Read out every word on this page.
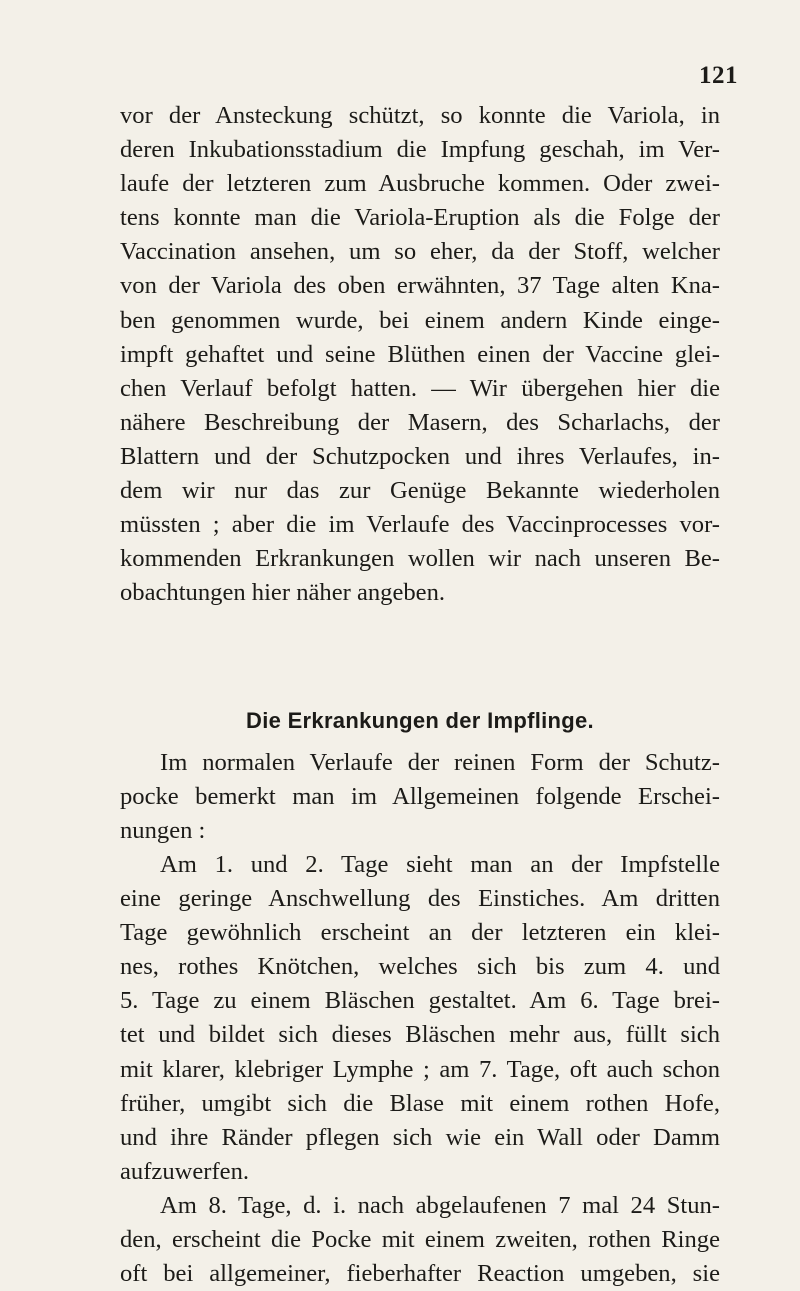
121
vor der Ansteckung schützt, so konnte die Variola, in
deren Inkubationsstadium die Impfung geschah, im Ver-
laufe der letzteren zum Ausbruche kommen. Oder zwei-
tens konnte man die Variola-Eruption als die Folge der
Vaccination ansehen, um so eher, da der Stoff, welcher
von der Variola des oben erwähnten, 37 Tage alten Kna-
ben genommen wurde, bei einem andern Kinde einge-
impft gehaftet und seine Blüthen einen der Vaccine glei-
chen Verlauf befolgt hatten. — Wir übergehen hier die
nähere Beschreibung der Masern, des Scharlachs, der
Blattern und der Schutzpocken und ihres Verlaufes, in-
dem wir nur das zur Genüge Bekannte wiederholen
müssten ; aber die im Verlaufe des Vaccinprocesses vor-
kommenden Erkrankungen wollen wir nach unseren Be-
obachtungen hier näher angeben.
Die Erkrankungen der Impflinge.
Im normalen Verlaufe der reinen Form der Schutz-
pocke bemerkt man im Allgemeinen folgende Erschei-
nungen :
Am 1. und 2. Tage sieht man an der Impfstelle
eine geringe Anschwellung des Einstiches. Am dritten
Tage gewöhnlich erscheint an der letzteren ein klei-
nes, rothes Knötchen, welches sich bis zum 4. und
5. Tage zu einem Bläschen gestaltet. Am 6. Tage brei-
tet und bildet sich dieses Bläschen mehr aus, füllt sich
mit klarer, klebriger Lymphe ; am 7. Tage, oft auch schon
früher, umgibt sich die Blase mit einem rothen Hofe,
und ihre Ränder pflegen sich wie ein Wall oder Damm
aufzuwerfen.
Am 8. Tage, d. i. nach abgelaufenen 7 mal 24 Stun-
den, erscheint die Pocke mit einem zweiten, rothen Ringe
oft bei allgemeiner, fieberhafter Reaction umgeben, sie
